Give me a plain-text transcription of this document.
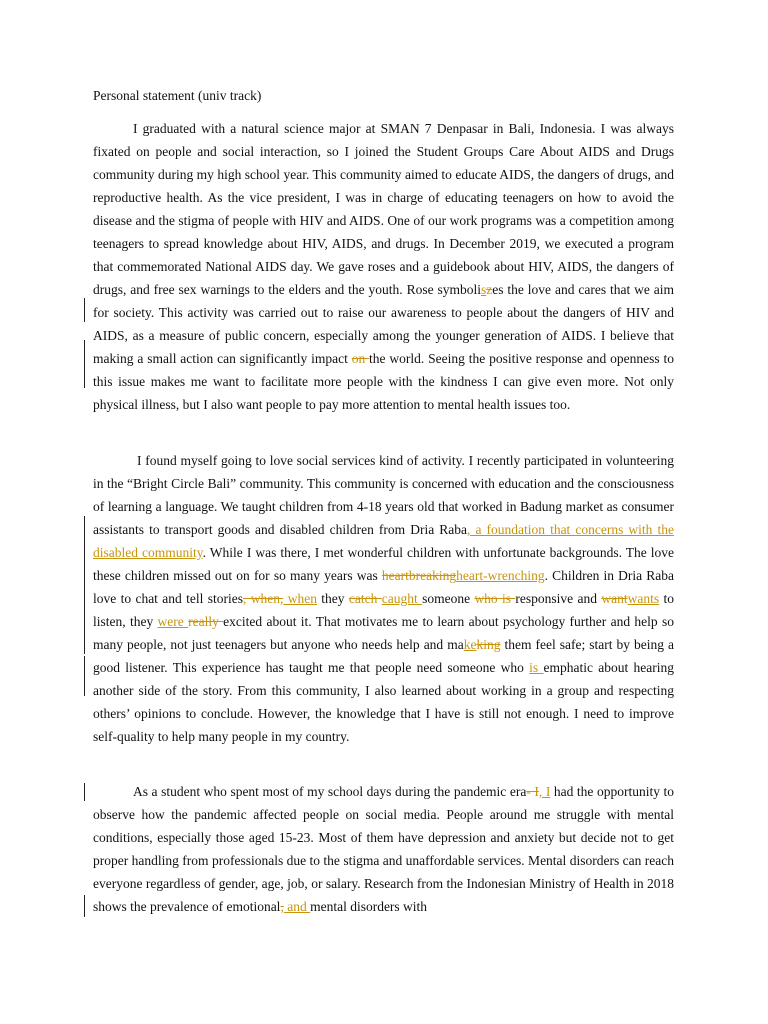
Personal statement (univ track)

I graduated with a natural science major at SMAN 7 Denpasar in Bali, Indonesia. I was always fixated on people and social interaction, so I joined the Student Groups Care About AIDS and Drugs community during my high school year. This community aimed to educate AIDS, the dangers of drugs, and reproductive health. As the vice president, I was in charge of educating teenagers on how to avoid the disease and the stigma of people with HIV and AIDS. One of our work programs was a competition among teenagers to spread knowledge about HIV, AIDS, and drugs. In December 2019, we executed a program that commemorated National AIDS day. We gave roses and a guidebook about HIV, AIDS, the dangers of drugs, and free sex warnings to the elders and the youth. Rose symboliszes the love and cares that we aim for society. This activity was carried out to raise our awareness to people about the dangers of HIV and AIDS, as a measure of public concern, especially among the younger generation of AIDS. I believe that making a small action can significantly impact on the world. Seeing the positive response and openness to this issue makes me want to facilitate more people with the kindness I can give even more. Not only physical illness, but I also want people to pay more attention to mental health issues too.

I found myself going to love social services kind of activity. I recently participated in volunteering in the “Bright Circle Bali” community. This community is concerned with education and the consciousness of learning a language. We taught children from 4-18 years old that worked in Badung market as consumer assistants to transport goods and disabled children from Dria Raba, a foundation that concerns with the disabled community. While I was there, I met wonderful children with unfortunate backgrounds. The love these children missed out on for so many years was heartbreakingheart-wrenching. Children in Dria Raba love to chat and tell stories, when, when they catch caught someone who is responsive and wantwants to listen, they were really excited about it. That motivates me to learn about psychology further and help so many people, not just teenagers but anyone who needs help and makeking them feel safe; start by being a good listener. This experience has taught me that people need someone who is emphatic about hearing another side of the story. From this community, I also learned about working in a group and respecting others’ opinions to conclude. However, the knowledge that I have is still not enough. I need to improve self-quality to help many people in my country.

As a student who spent most of my school days during the pandemic era- I, I had the opportunity to observe how the pandemic affected people on social media. People around me struggle with mental conditions, especially those aged 15-23. Most of them have depression and anxiety but decide not to get proper handling from professionals due to the stigma and unaffordable services. Mental disorders can reach everyone regardless of gender, age, job, or salary. Research from the Indonesian Ministry of Health in 2018 shows the prevalence of emotional, and mental disorders with
